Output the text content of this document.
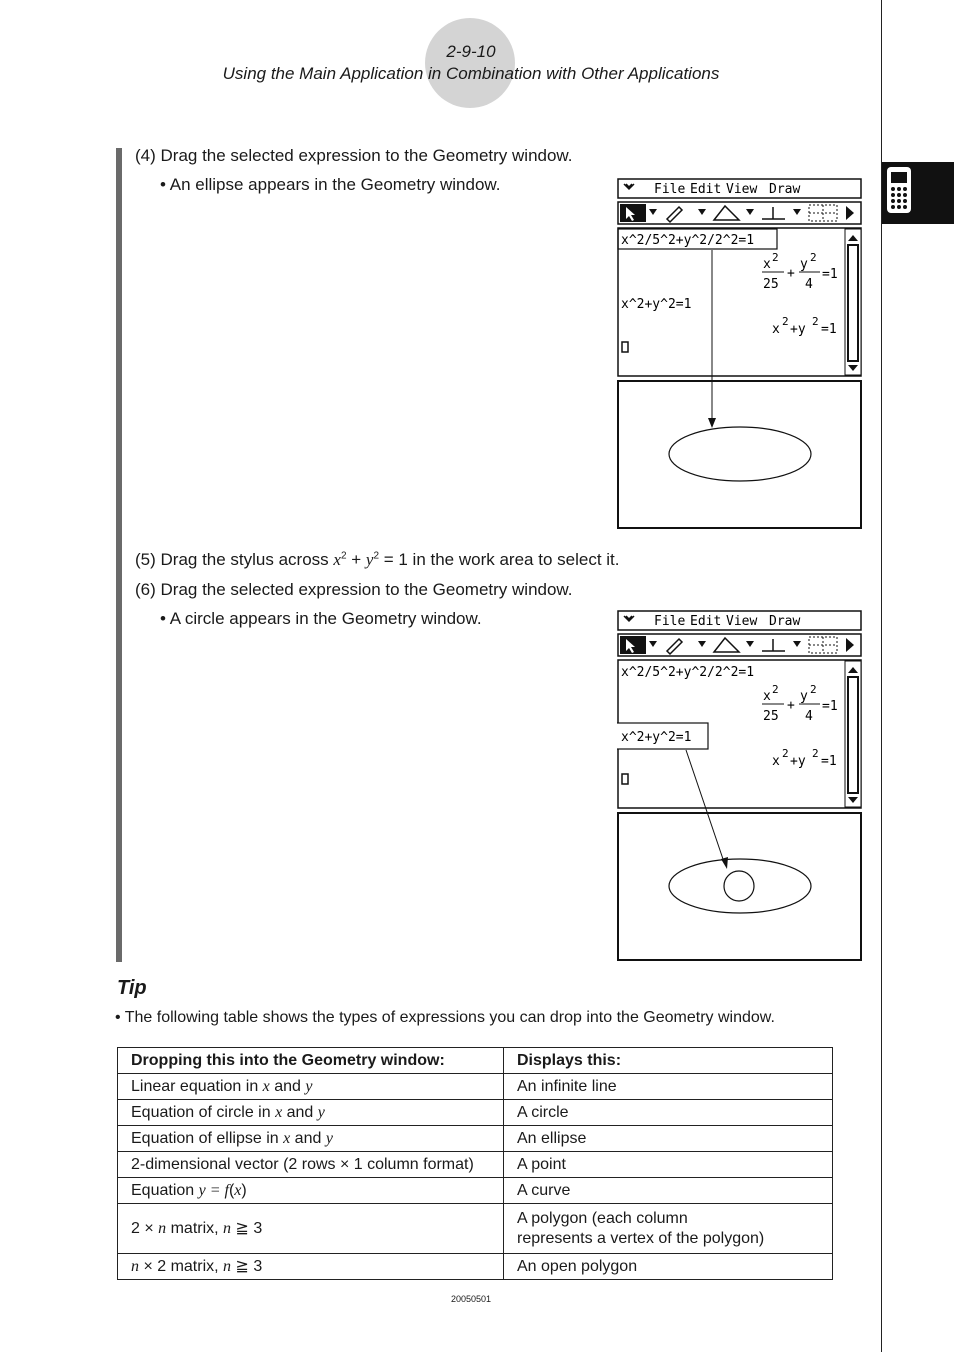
2-9-10
Using the Main Application in Combination with Other Applications
(4) Drag the selected expression to the Geometry window.
• An ellipse appears in the Geometry window.
(5) Drag the stylus across $x^2 + y^2 = 1$ in the work area to select it.
(6) Drag the selected expression to the Geometry window.
• A circle appears in the Geometry window.
File Edit View Draw
x^2/5^2+y^2/2^2=1
x 2
25
+
y 2
4
=1
x^2+y^2=1
x
2
+y
2
=1
File Edit View Draw
x^2/5^2+y^2/2^2=1
x 2
25
+
y 2
4
=1
x^2+y^2=1
x
2
+y
2
=1
Tip
• The following table shows the types of expressions you can drop into the Geometry window.
Dropping this into the Geometry window:	Displays this:
Linear equation in x and y	An infinite line
Equation of circle in x and y	A circle
Equation of ellipse in x and y	An ellipse
2-dimensional vector (2 rows × 1 column format)	A point
Equation y = f(x)	A curve
2 × n matrix, n ≧ 3	A polygon (each column
represents a vertex of the polygon)
n × 2 matrix, n ≧ 3	An open polygon
20050501
